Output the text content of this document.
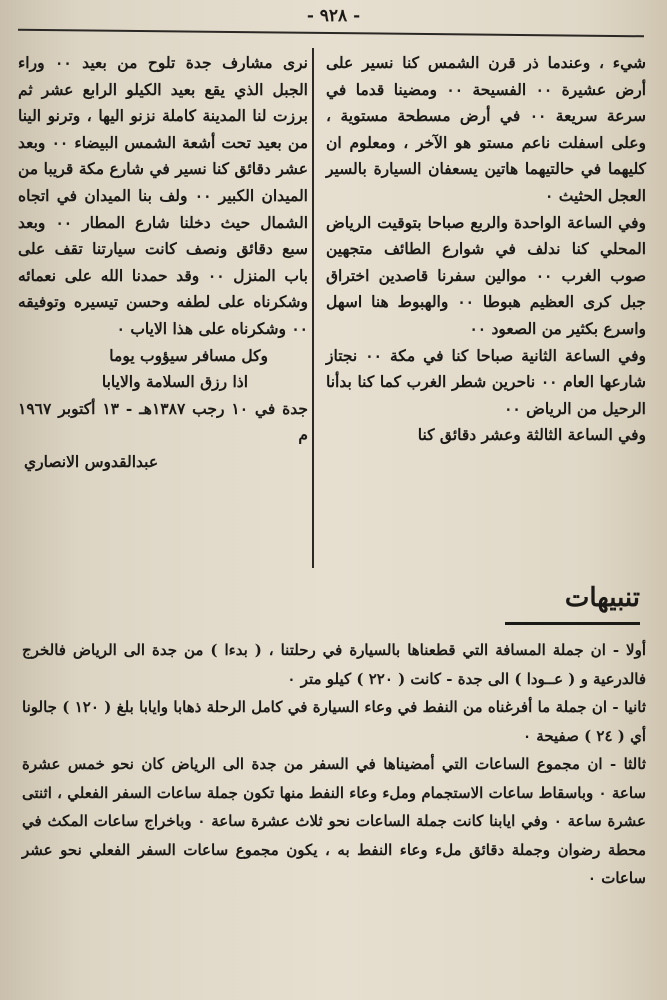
- ٩٢٨ -

شيء ، وعندما ذر قرن الشمس كنا نسير على أرض عشيرة ٠٠ الفسيحة ٠٠ ومضينا قدما في سرعة سريعة ٠٠ في أرض مسطحة مستوية ، وعلى اسفلت ناعم مستو هو الآخر ، ومعلوم ان كليهما في حالتيهما هاتين يسعفان السيارة بالسير العجل الحثيث ٠

وفي الساعة الواحدة والربع صباحا بتوقيت الرياض المحلي كنا ندلف في شوارع الطائف متجهين صوب الغرب ٠٠ موالين سفرنا قاصدين اختراق جبل كرى العظيم هبوطا ٠٠ والهبوط هنا اسهل واسرع بكثير من الصعود ٠٠

وفي الساعة الثانية صباحا كنا في مكة ٠٠ نجتاز شارعها العام ٠٠ ناحرين شطر الغرب كما كنا بدأنا الرحيل من الرياض ٠٠

وفي الساعة الثالثة وعشر دقائق كنا

نرى مشارف جدة تلوح من بعيد ٠٠ وراء الجبل الذي يقع بعيد الكيلو الرابع عشر ثم برزت لنا المدينة كاملة نزنو اليها ، وترنو الينا من بعيد تحت أشعة الشمس البيضاء ٠٠ وبعد عشر دقائق كنا نسير في شارع مكة قريبا من الميدان الكبير ٠٠ ولف بنا الميدان في اتجاه الشمال حيث دخلنا شارع المطار ٠٠ وبعد سبع دقائق ونصف كانت سيارتنا تقف على باب المنزل ٠٠ وقد حمدنا الله على نعمائه وشكرناه على لطفه وحسن تيسيره وتوفيقه ٠٠ وشكرناه على هذا الاياب ٠

وكل مسافر سيؤوب يوما
اذا رزق السلامة والايابا
جدة في ١٠ رجب ١٣٨٧هـ - ١٣ أكتوبر ١٩٦٧ م
عبدالقدوس الانصاري
تنبيهات

أولا - ان جملة المسافة التي قطعناها بالسيارة في رحلتنا ، ( بدءا ) من جدة الى الرياض فالخرج فالدرعية و ( عــودا ) الى جدة - كانت ( ٢٢٠ ) كيلو متر ٠

ثانيا - ان جملة ما أفرغناه من النفط في وعاء السيارة في كامل الرحلة ذهابا وايابا بلغ ( ١٢٠ ) جالونا أي ( ٢٤ ) صفيحة ٠

ثالثا - ان مجموع الساعات التي أمضيناها في السفر من جدة الى الرياض كان نحو خمس عشرة ساعة ٠ وباسقاط ساعات الاستجمام وملء وعاء النفط منها تكون جملة ساعات السفر الفعلي ، اثنتى عشرة ساعة ٠ وفي ايابنا كانت جملة الساعات نحو ثلاث عشرة ساعة ٠ وباخراج ساعات المكث في محطة رضوان وجملة دقائق ملء وعاء النفط به ، يكون مجموع ساعات السفر الفعلي نحو عشر ساعات ٠
